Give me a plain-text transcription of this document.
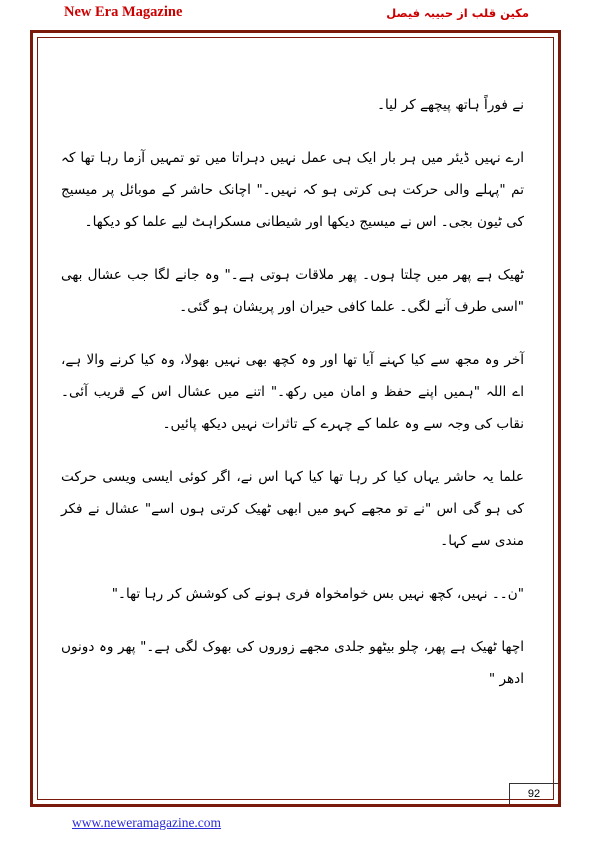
New Era Magazine	مکین قلب از حبیبہ فیصل

نے فوراً ہاتھ پیچھے کر لیا۔

ارے نہیں ڈیئر میں ہر بار ایک ہی عمل نہیں دہراتا میں تو تمہیں آزما رہا تھا کہ تم "پہلے والی حرکت ہی کرتی ہو کہ نہیں۔" اچانک حاشر کے موبائل پر میسیج کی ٹیون بجی۔ اس نے میسیج دیکھا اور شیطانی مسکراہٹ لیے علما کو دیکھا۔

ٹھیک ہے پھر میں چلتا ہوں۔ پھر ملاقات ہوتی ہے۔" وہ جانے لگا جب عشال بھی "اسی طرف آنے لگی۔ علما کافی حیران اور پریشان ہو گئی۔

آخر وہ مجھ سے کیا کہنے آیا تھا اور وہ کچھ بھی نہیں بھولا، وہ کیا کرنے والا ہے، اے اللہ "ہمیں اپنے حفظ و امان میں رکھ۔" اتنے میں عشال اس کے قریب آئی۔ نقاب کی وجہ سے وہ علما کے چہرے کے تاثرات نہیں دیکھ پائیں۔

علما یہ حاشر یہاں کیا کر رہا تھا کیا کہا اس نے، اگر کوئی ایسی ویسی حرکت کی ہو گی اس "نے تو مجھے کہو میں ابھی ٹھیک کرتی ہوں اسے" عشال نے فکر مندی سے کہا۔

"ن۔۔ نہیں، کچھ نہیں بس خوامخواہ فری ہونے کی کوشش کر رہا تھا۔"

اچھا ٹھیک ہے پھر، چلو بیٹھو جلدی مجھے زوروں کی بھوک لگی ہے۔" پھر وہ دونوں ادھر "

92
www.neweramagazine.com
